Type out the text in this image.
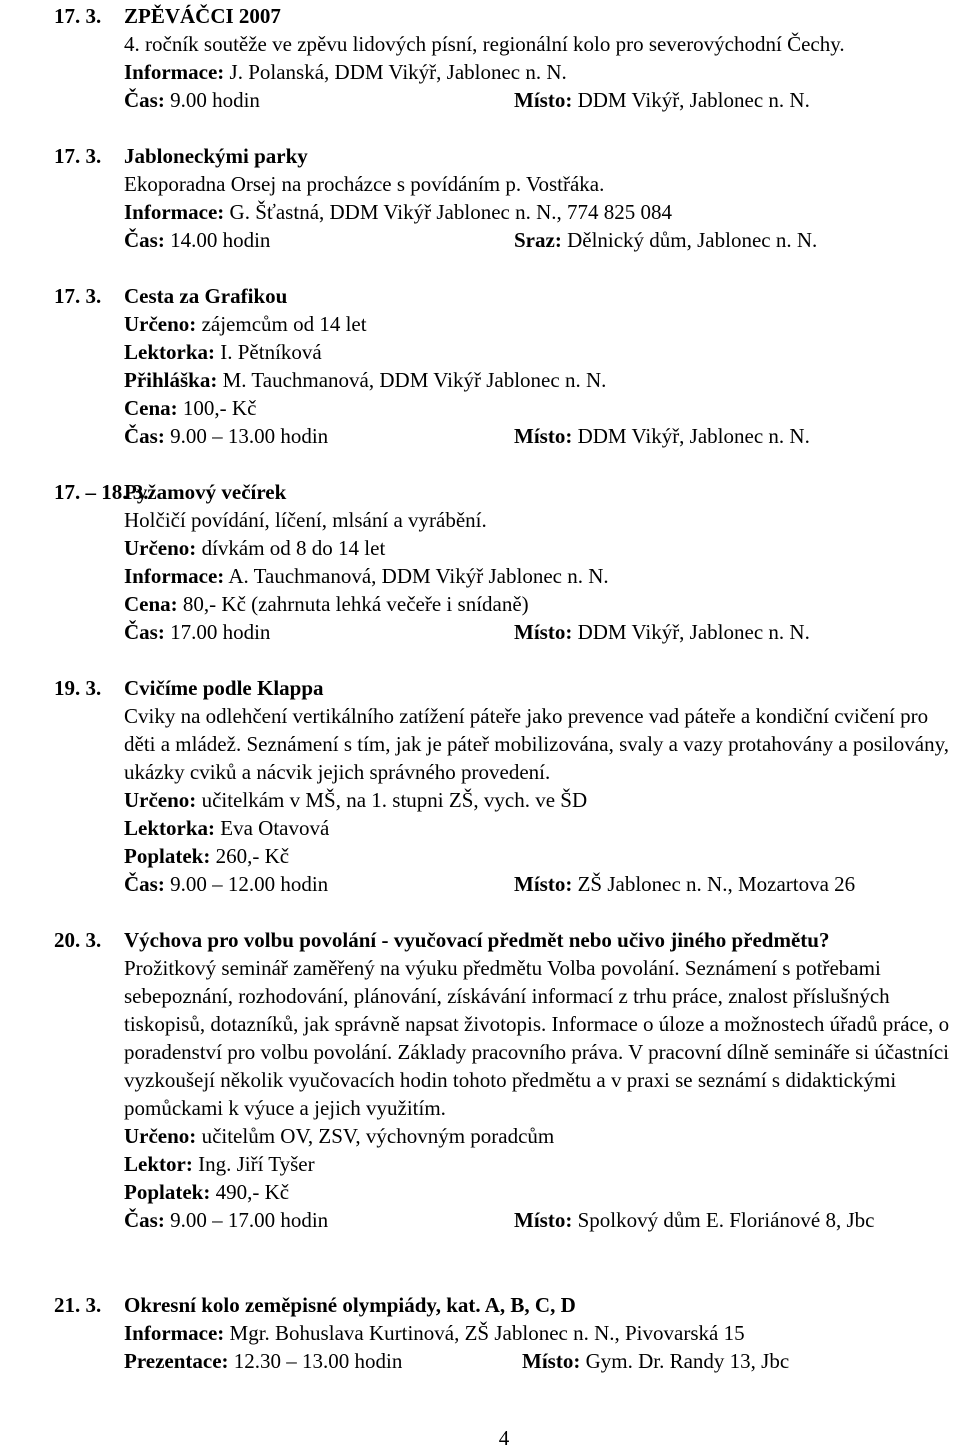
17. 3. ZPĚVÁČCI 2007
4. ročník soutěže ve zpěvu lidových písní, regionální kolo pro severovýchodní Čechy.
Informace: J. Polanská, DDM Vikýř, Jablonec n. N.
Čas: 9.00 hodin	Místo: DDM Vikýř, Jablonec n. N.
17. 3. Jabloneckými parky
Ekoporadna Orsej na procházce s povídáním p. Vostřáka.
Informace: G. Šťastná, DDM Vikýř Jablonec n. N., 774 825 084
Čas: 14.00 hodin	Sraz: Dělnický dům, Jablonec n. N.
17. 3. Cesta za Grafikou
Určeno: zájemcům od 14 let
Lektorka: I. Pětníková
Přihláška: M. Tauchmanová, DDM Vikýř Jablonec n. N.
Cena: 100,- Kč
Čas: 9.00 – 13.00 hodin	Místo: DDM Vikýř, Jablonec n. N.
17. – 18. 3.
Pyžamový večírek
Holčičí povídání, líčení, mlsání a vyrábění.
Určeno: dívkám od 8 do 14 let
Informace: A. Tauchmanová, DDM Vikýř Jablonec n. N.
Cena: 80,- Kč (zahrnuta lehká večeře i snídaně)
Čas: 17.00 hodin	Místo: DDM Vikýř, Jablonec n. N.
19. 3. Cvičíme podle Klappa
Cviky na odlehčení vertikálního zatížení páteře jako prevence vad páteře a kondiční cvičení pro děti a mládež. Seznámení s tím, jak je páteř mobilizována, svaly a vazy protahovány a posilovány, ukázky cviků a nácvik jejich správného provedení.
Určeno: učitelkám v MŠ, na 1. stupni ZŠ, vych. ve ŠD
Lektorka: Eva Otavová
Poplatek: 260,- Kč
Čas: 9.00 – 12.00 hodin	Místo: ZŠ Jablonec n. N., Mozartova 26
20. 3. Výchova pro volbu povolání - vyučovací předmět nebo učivo jiného předmětu?
Prožitkový seminář zaměřený na výuku předmětu Volba povolání. Seznámení s potřebami sebepoznání, rozhodování, plánování, získávání informací z trhu práce, znalost příslušných tiskopisů, dotazníků, jak správně napsat životopis. Informace o úloze a možnostech úřadů práce, o poradenství pro volbu povolání. Základy pracovního práva. V pracovní dílně semináře si účastníci vyzkoušejí několik vyučovacích hodin tohoto předmětu a v praxi se seznámí s didaktickými pomůckami k výuce a jejich využitím.
Určeno: učitelům OV, ZSV, výchovným poradcům
Lektor: Ing. Jiří Tyšer
Poplatek: 490,- Kč
Čas: 9.00 – 17.00 hodin	Místo: Spolkový dům E. Floriánové 8, Jbc
21. 3. Okresní kolo zeměpisné olympiády, kat. A, B, C, D
Informace: Mgr. Bohuslava Kurtinová, ZŠ Jablonec n. N., Pivovarská 15
Prezentace: 12.30 – 13.00 hodin	Místo: Gym. Dr. Randy 13, Jbc
4
